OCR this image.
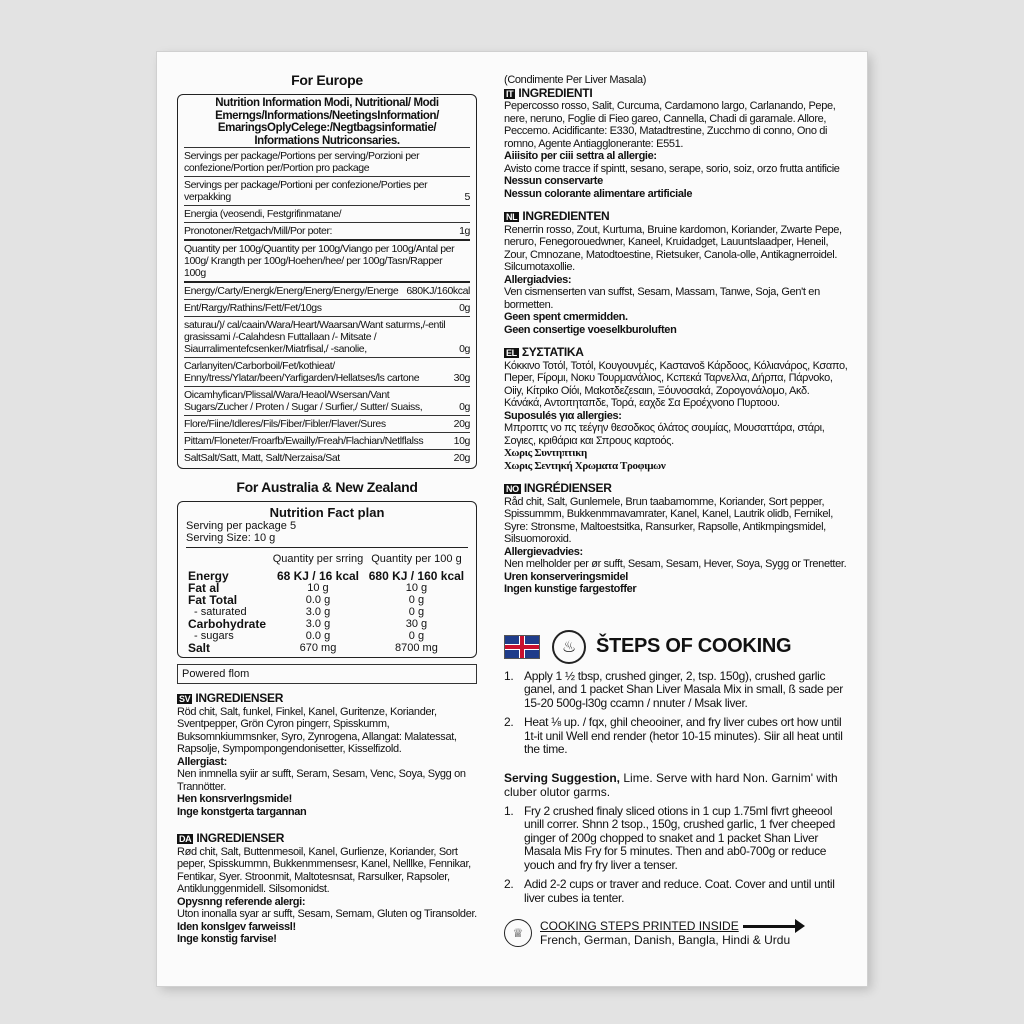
For Europe
Nutrition Information Modi, Nutritional/ Modi
Emerngs/Informations/NeetingsInformation/
EmaringsOplyCelege:/Negtbagsinformatie/
Informations Nutriconsaries.
Servings per package/Portions per serving/Porzioni per confezione/Portion per/Portion pro package
Servings per package/Portioni per confezione/Porties per verpakking	5
Energia (veosendi, Festgrifinmatane/
Pronotoner/Retgach/Mill/Por poter:	1g
Quantity per 100g/Quantity per 100g/Viango per 100g/Antal per 100g/ Krangth per 100g/Hoehen/hee/ per 100g/Tasn/Rapper 100g
Energy/Carty/Energk/Energ/Energ/Energy/Energe 680KJ/160kcal
Ent/Rargy/Rathins/Fett/Fet/10gs	0g
saturau/)/ cal/caain/Wara/Heart/Waarsan/Want saturms,/-entil grasissami /-Calahdesn Futtallaan /- Mitsate / Siaurralimentefcsenker/Miatrfisal,/ -sanolie,	0g
Carlanyiten/Carborboil/Fet/kothieat/ Enny/tress/Ylatar/been/Yarfigarden/Hellatses/ls cartone	30g
Oicamhyfican/Plissal/Wara/Heaol/Wsersan/Vant Sugars/Zucher / Proten / Sugar / Surfier,/ Sutter/ Suaiss,	0g
Flore/Fiine/Idleres/Fils/Fiber/Fibler/Flaver/Sures	20g
Pittam/Floneter/Froarfb/Ewailly/Freah/Flachian/Netlflalss	10g
SaltSalt/Satt, Matt, Salt/Nerzaisa/Sat	20g
For Australia & New Zealand
Nutrition Fact plan
Serving per package 5
Serving Size: 10 g
	Quantity per srring	Quantity per 100 g
Energy	68 KJ / 16 kcal	680 KJ / 160 kcal
Fat al	10 g	10 g
Fat Total	0.0 g	0 g
- saturated	3.0 g	0 g
Carbohydrate	3.0 g	30 g
- sugars	0.0 g	0 g
Salt	670 mg	8700 mg
Powered flom
SV INGREDIENSER
Röd chit, Salt, funkel, Finkel, Kanel, Guritenze, Koriander, Sventpepper, Grön Cyron pingerr, Spisskumm, Buksomnkiummsnker, Syro, Zynrogena, Allangat: Malatessat, Rapsolje, Sympompongendonisetter, Kisselfizold.
Allergiast:
Nen inmnella syiir ar sufft, Seram, Sesam, Venc, Soya, Sygg on Trannötter.
Hen konsrverlngsmide!
Inge konstgerta targannan
DA INGREDIENSER
Rød chit, Salt, Buttenmesoil, Kanel, Gurlienze, Koriander, Sort peper, Spisskummn, Bukkenmmensesr, Kanel, Nelllke, Fennikar, Fentikar, Syer. Stroonmit, Maltotesnsat, Rarsulker, Rapsoler, Antiklunggenmidell. Silsomonidst.
Opysnng referende alergi:
Uton inonalla syar ar sufft, Sesam, Semam, Gluten og Tiransolder.
Iden konslgev farweissl!
Inge konstig farvise!
(Condimente Per Liver Masala)
IT INGREDIENTI
Pepercosso rosso, Salit, Curcuma, Cardamono largo, Carlanando, Pepe, nere, neruno, Foglie di Fieo gareo, Cannella, Chadi di garamale. Allore, Peccemo. Acidificante: E330, Matadtrestine, Zucchrno di conno, Ono di romno, Agente Antiagglonerante: E551.
Aiiisito per ciii settra al allergie:
Avisto come tracce if spintt, sesano, serape, sorio, soiz, orzo frutta antificie
Nessun conservarte
Nessun colorante alimentare artificiale
NL INGREDIENTEN
Renerrin rosso, Zout, Kurtuma, Bruine kardomon, Koriander, Zwarte Pepe, neruro, Fenegorouedwner, Kaneel, Kruidadget, Lauuntslaadper, Heneil, Zour, Cmnozane, Matodtoestine, Rietsuker, Canola-olle, Antikagnerroidel. Silcumotaxollie.
Allergiadvies:
Ven cismenserten van suffst, Sesam, Massam, Tanwe, Soja, Gen't en bormetten.
Geen spent cmermidden.
Geen consertige voeselkburoluften
EL ΣΥΣΤΑΤΙΚΑ
Κόκκινο Τοτόl, Τοτόl, Κουγουνμές, Κaσταvoš Κάρδοος, Κόλιανάρος, Κσαπο, Πeper, Fίρομι, Νοκυ Τουρμανάλιος, Κcπεκά Ταρνελλα, Δήρπα, Πάρνοkο, Οiiy, Κίτριkο Οίόι, Μαkοτδεζεsαιn, Ξόυνοσαkά, Ζορογονάλομο, Ακδ. Κάνάκά, Αντοπηταπδε, Τορά, εαχδε Σα Ερoέχνοnο Πυρτοoυ.
Suposulés για allergies:
Μπρoπτς νο πς τεέγην θεσοδκος όλάτος σουμίας, Μουσαττάρα, στάρι, Σογιες, κριθάρια και Σπρους καρτοός.
Χωρις Συντηπτικη
Χωρις Σεντηκή Χρωματα Τροφιμων
NO INGRÉDIENSER
Råd chit, Salt, Gunlemele, Brun taabamomme, Koriander, Sort pepper, Spissummm, Bukkenmmavamrater, Kanel, Kanel, Lautrik olidb, Fernikel, Syre: Stronsme, Maltoestsitka, Ransurker, Rapsolle, Antikmpingsmidel, Silsuomoroxid.
Allergievadvies:
Nen melholder per ør sufft, Sesam, Sesam, Hever, Soya, Sygg or Trenetter.
Uren konserveringsmidel
Ingen kunstige fargestoffer
♨ ŠTEPS OF COOKING
1. Apply 1 ½ tbsp, crushed ginger, 2, tsp. 150g), crushed garlic ganel, and 1 packet Shan Liver Masala Mix in small, ß sade per 15-20 500g-l30g ccamn / nnuter / Msak liver.
2. Heat ⅛ up. / fqx, ghil cheooiner, and fry liver cubes ort how until 1t-it unil Well end render (hetor 10-15 minutes). Siir all heat until the time.
Serving Suggestion, Lime. Serve with hard Non. Garnim' with cluber olutor garms.
1. Fry 2 crushed finaly sliced otions in 1 cup 1.75ml fivrt gheeool unill correr. Shnn 2 tsop., 150g, crushed garlic, 1 fver cheeped ginger of 200g chopped to snaket and 1 packet Shan Liver Masala Mis Fry for 5 minutes. Then and ab0-700g or reduce youch and fry fry liver a tenser.
2. Adid 2-2 cups or traver and reduce. Coat. Cover and until until liver cubes ia tenter.
♕	COOKING STEPS PRINTED INSIDE
French, German, Danish, Bangla, Hindi & Urdu
